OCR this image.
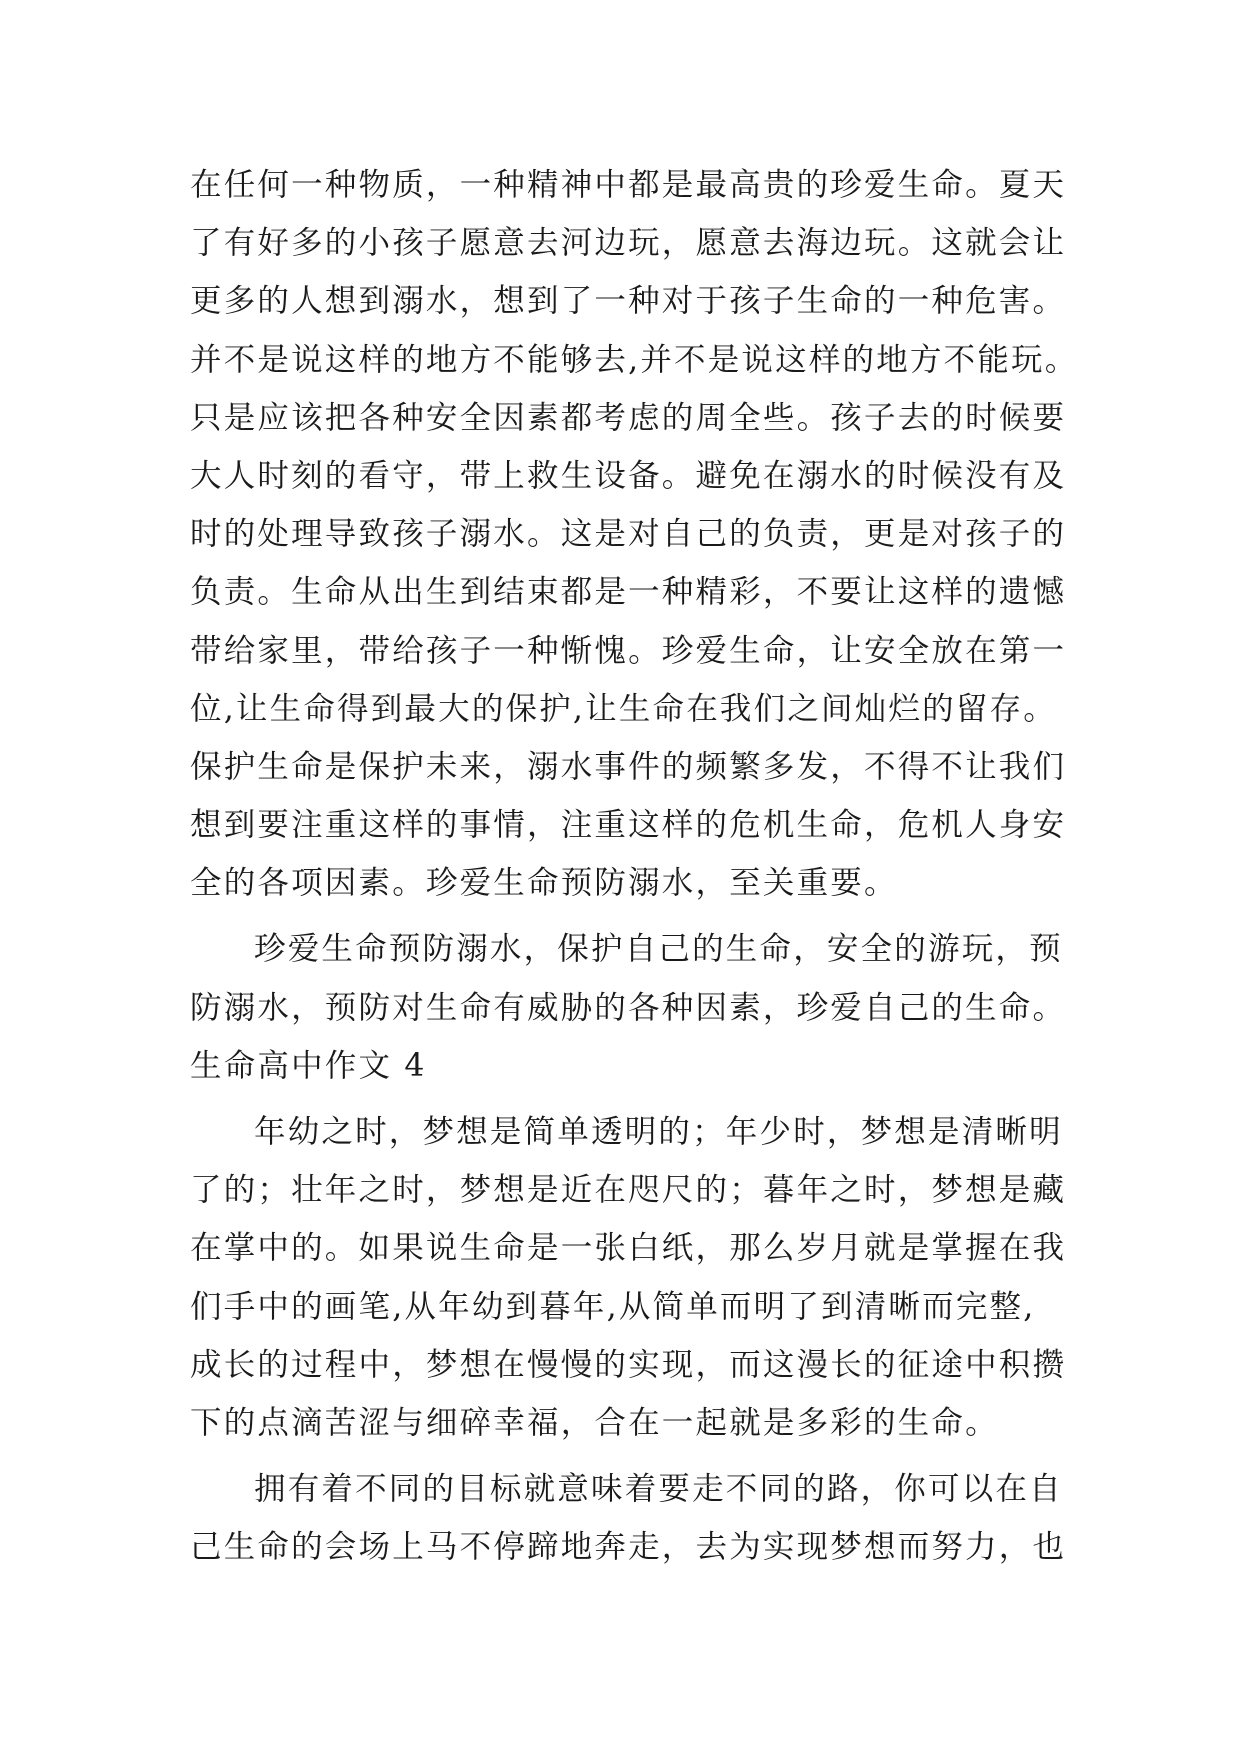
在任何一种物质，一种精神中都是最高贵的珍爱生命。夏天
了有好多的小孩子愿意去河边玩，愿意去海边玩。这就会让
更多的人想到溺水，想到了一种对于孩子生命的一种危害。
并不是说这样的地方不能够去,并不是说这样的地方不能玩。
只是应该把各种安全因素都考虑的周全些。孩子去的时候要
大人时刻的看守，带上救生设备。避免在溺水的时候没有及
时的处理导致孩子溺水。这是对自己的负责，更是对孩子的
负责。生命从出生到结束都是一种精彩，不要让这样的遗憾
带给家里，带给孩子一种惭愧。珍爱生命，让安全放在第一
位,让生命得到最大的保护,让生命在我们之间灿烂的留存。
保护生命是保护未来，溺水事件的频繁多发，不得不让我们
想到要注重这样的事情，注重这样的危机生命，危机人身安
全的各项因素。珍爱生命预防溺水，至关重要。
珍爱生命预防溺水，保护自己的生命，安全的游玩，预
防溺水，预防对生命有威胁的各种因素，珍爱自己的生命。
生命高中作文 4
年幼之时，梦想是简单透明的；年少时，梦想是清晰明
了的；壮年之时，梦想是近在咫尺的；暮年之时，梦想是藏
在掌中的。如果说生命是一张白纸，那么岁月就是掌握在我
们手中的画笔,从年幼到暮年,从简单而明了到清晰而完整,
成长的过程中，梦想在慢慢的实现，而这漫长的征途中积攒
下的点滴苦涩与细碎幸福，合在一起就是多彩的生命。
拥有着不同的目标就意味着要走不同的路，你可以在自
己生命的会场上马不停蹄地奔走，去为实现梦想而努力，也
